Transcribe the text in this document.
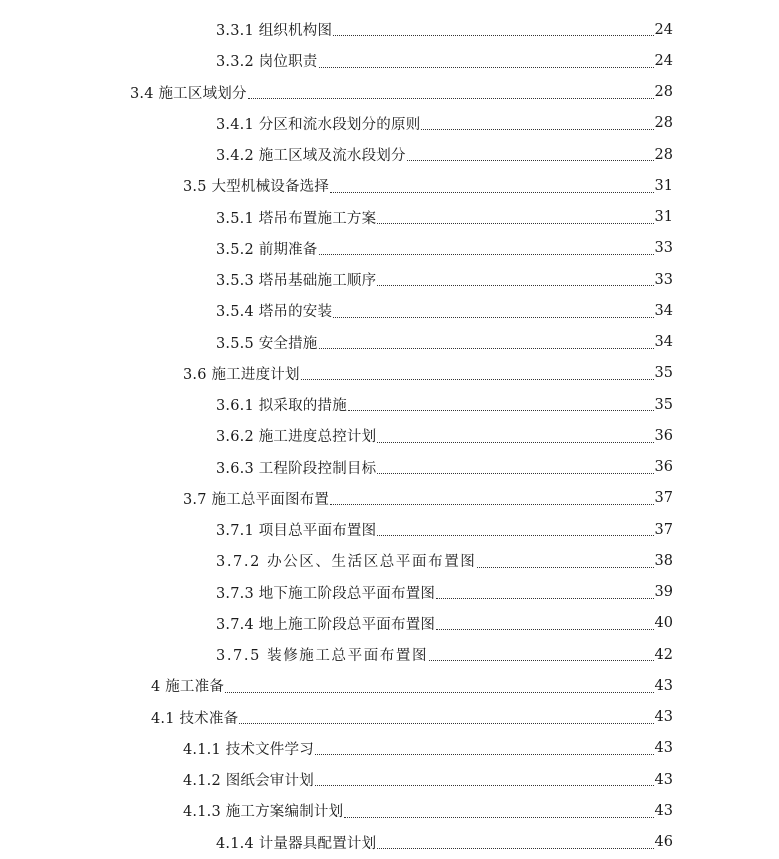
3.3.1 组织机构图	24
3.3.2 岗位职责	24
3.4 施工区域划分	28
3.4.1 分区和流水段划分的原则	28
3.4.2 施工区域及流水段划分	28
3.5 大型机械设备选择	31
3.5.1 塔吊布置施工方案	31
3.5.2 前期准备	33
3.5.3 塔吊基础施工顺序	33
3.5.4 塔吊的安装	34
3.5.5 安全措施	34
3.6 施工进度计划	35
3.6.1 拟采取的措施	35
3.6.2 施工进度总控计划	36
3.6.3 工程阶段控制目标	36
3.7 施工总平面图布置	37
3.7.1 项目总平面布置图	37
3.7.2 办公区、生活区总平面布置图	38
3.7.3 地下施工阶段总平面布置图	39
3.7.4 地上施工阶段总平面布置图	40
3.7.5 装修施工总平面布置图	42
4 施工准备	43
4.1 技术准备	43
4.1.1 技术文件学习	43
4.1.2 图纸会审计划	43
4.1.3 施工方案编制计划	43
4.1.4 计量器具配置计划	46
